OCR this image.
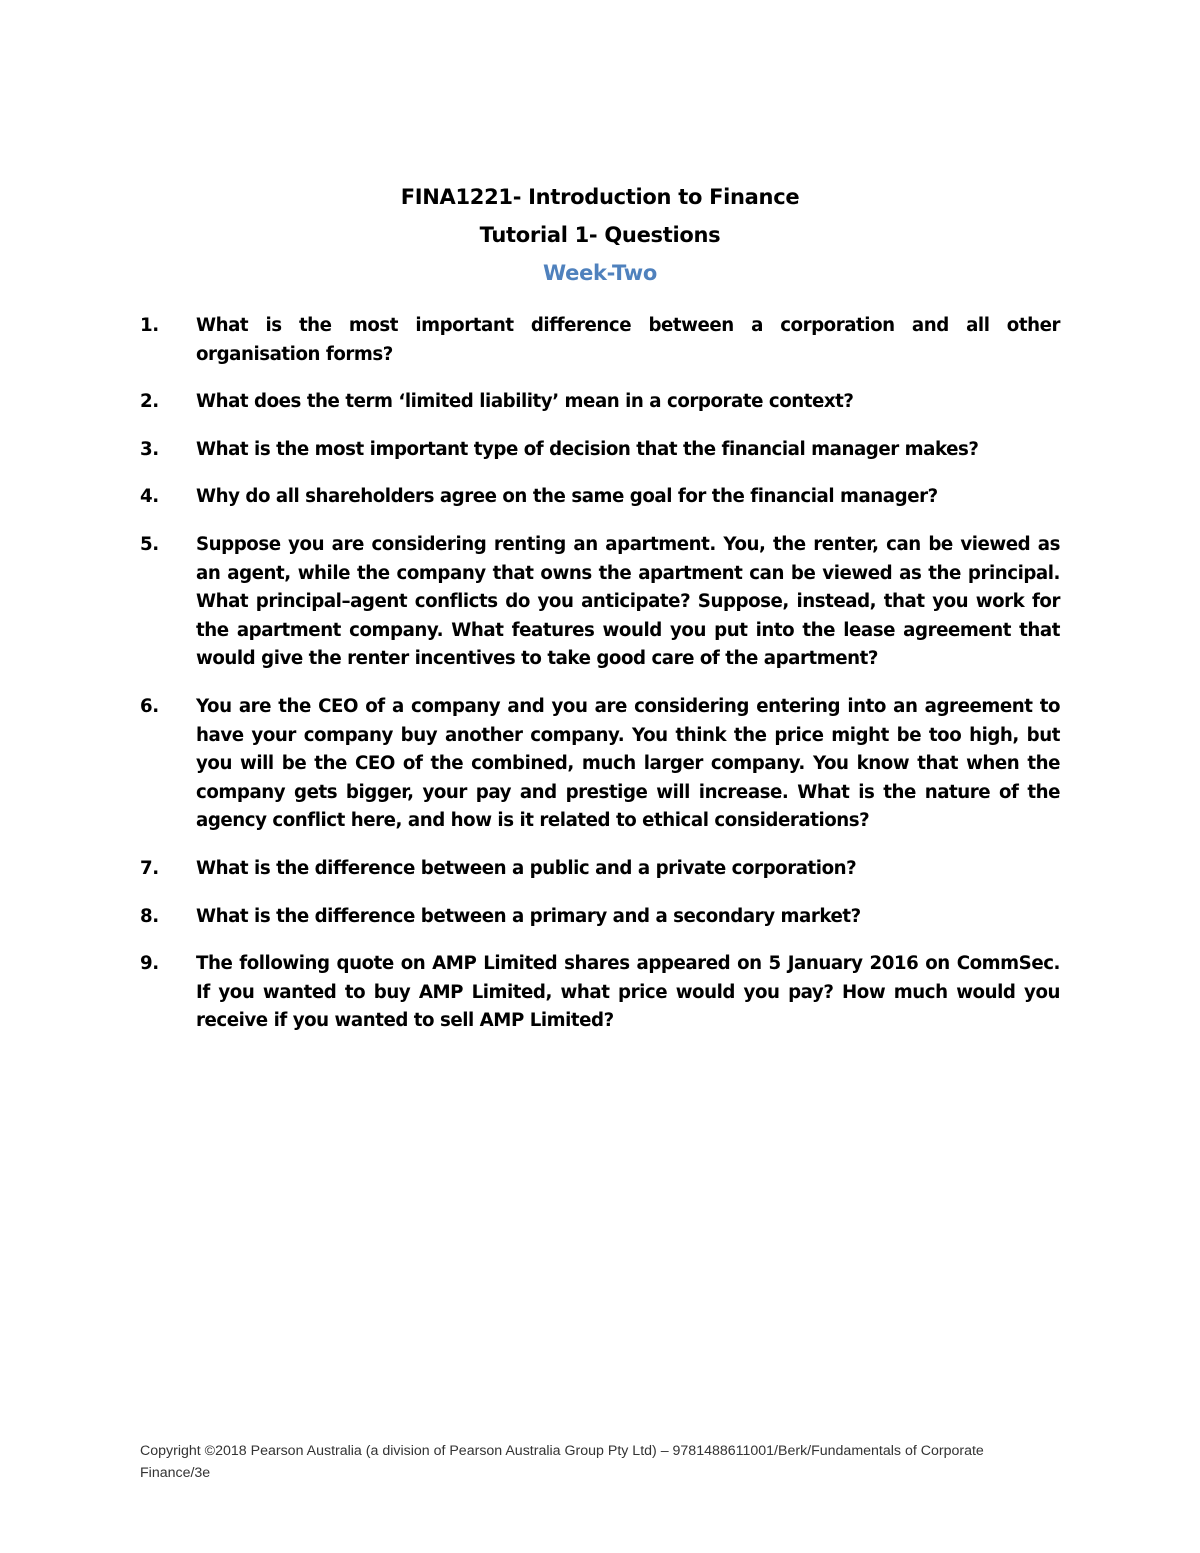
FINA1221- Introduction to Finance
Tutorial 1- Questions
Week-Two
1.	What is the most important difference between a corporation and all other organisation forms?
2.	What does the term ‘limited liability’ mean in a corporate context?
3.	What is the most important type of decision that the financial manager makes?
4.	Why do all shareholders agree on the same goal for the financial manager?
5.	Suppose you are considering renting an apartment. You, the renter, can be viewed as an agent, while the company that owns the apartment can be viewed as the principal. What principal–agent conflicts do you anticipate? Suppose, instead, that you work for the apartment company. What features would you put into the lease agreement that would give the renter incentives to take good care of the apartment?
6.	You are the CEO of a company and you are considering entering into an agreement to have your company buy another company. You think the price might be too high, but you will be the CEO of the combined, much larger company. You know that when the company gets bigger, your pay and prestige will increase. What is the nature of the agency conflict here, and how is it related to ethical considerations?
7.	What is the difference between a public and a private corporation?
8.	What is the difference between a primary and a secondary market?
9.	The following quote on AMP Limited shares appeared on 5 January 2016 on CommSec. If you wanted to buy AMP Limited, what price would you pay? How much would you receive if you wanted to sell AMP Limited?
Copyright ©2018 Pearson Australia (a division of Pearson Australia Group Pty Ltd) – 9781488611001/Berk/Fundamentals of Corporate Finance/3e
